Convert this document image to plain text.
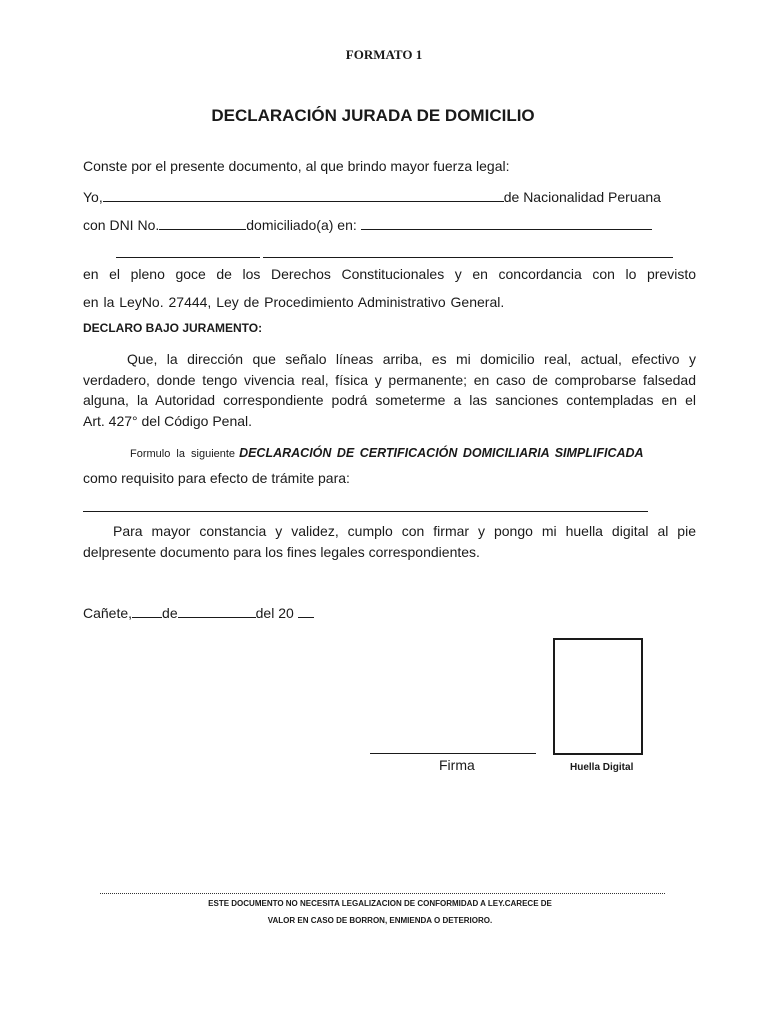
FORMATO 1
DECLARACIÓN JURADA DE DOMICILIO
Conste por el presente documento, al que brindo mayor fuerza legal:
Yo,	de Nacionalidad Peruana
con DNI No.	domiciliado(a) en:
en el pleno goce de los Derechos Constitucionales y en concordancia con lo previsto
en la LeyNo. 27444, Ley de Procedimiento Administrativo General.
DECLARO BAJO JURAMENTO:
Que, la dirección que señalo líneas arriba, es mi domicilio real, actual, efectivo y
verdadero, donde tengo vivencia real, física y permanente; en caso de comprobarse falsedad
alguna, la Autoridad correspondiente podrá someterme a las sanciones contempladas en el
Art. 427° del Código Penal.
Formulo la siguiente DECLARACIÓN DE CERTIFICACIÓN DOMICILIARIA SIMPLIFICADA
como requisito para efecto de trámite para:
Para mayor constancia y validez, cumplo con firmar y pongo mi huella digital al pie
delpresente documento para los fines legales correspondientes.
Cañete, de	del 20
Huella Digital
Firma
ESTE DOCUMENTO NO NECESITA LEGALIZACION DE CONFORMIDAD A LEY.CARECE DE
VALOR EN CASO DE BORRON, ENMIENDA O DETERIORO.
